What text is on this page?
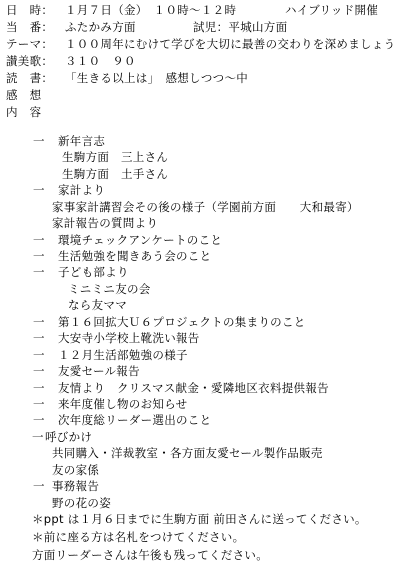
日　時： １月７日（金）　１０時～１２時	ハイブリッド開催
当　番： ふたかみ方面	試児：平城山方面
テーマ： １００周年にむけて学びを大切に最善の交わりを深めましょう
讃美歌： ３１０　９０
読　書： 「生きる以上は」　感想しつつ～中
感　想
内　容
一 新年言志
生駒方面　三上さん
生駒方面　土手さん
一 家計より
家事家計講習会その後の様子（学園前方面　　大和最寄）
家計報告の質問より
一 環境チェックアンケートのこと
一 生活勉強を聞きあう会のこと
一 子ども部より
ミニミニ友の会
なら友ママ
一 第１６回拡大Ｕ６プロジェクトの集まりのこと
一 大安寺小学校上靴洗い報告
一 １２月生活部勉強の様子
一 友愛セール報告
一 友情より　クリスマス献金・愛隣地区衣料提供報告
一 来年度催し物のお知らせ
一 次年度総リーダー選出のこと
一 呼びかけ
共同購入・洋裁教室・各方面友愛セール製作品販売
友の家係
一 事務報告
野の花の姿
＊ppt は１月６日までに生駒方面 前田さんに送ってください。
＊前に座る方は名札をつけてください。
方面リーダーさんは午後も残ってください。
